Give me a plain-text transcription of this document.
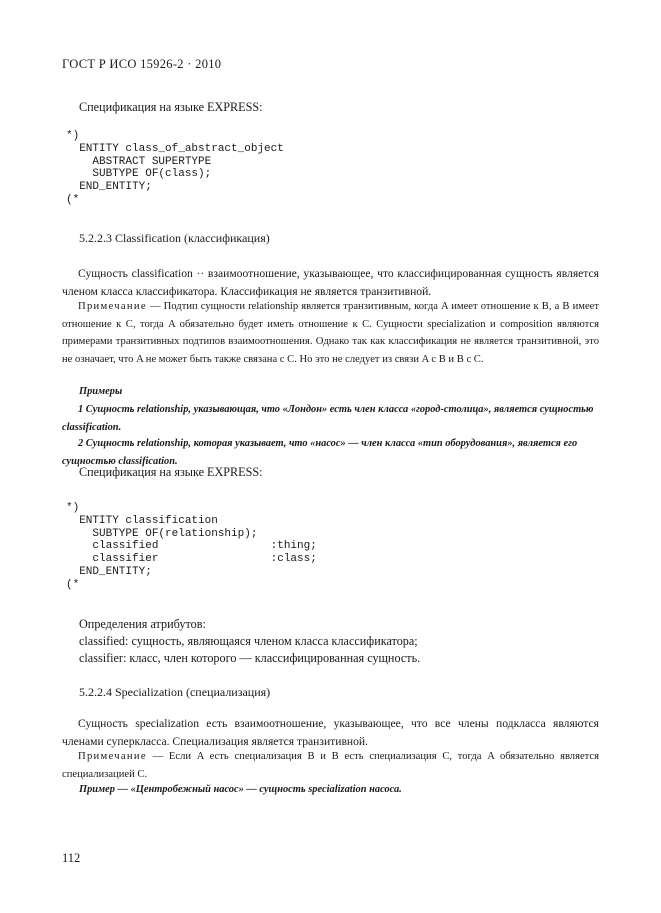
ГОСТ Р ИСО 15926-2 · 2010
Спецификация на языке EXPRESS:
*)
ENTITY class_of_abstract_object
ABSTRACT SUPERTYPE
SUBTYPE OF(class);
END_ENTITY;
(*
5.2.2.3 Classification (классификация)
Сущность classification ·· взаимоотношение, указывающее, что классифицированная сущность является членом класса классификатора. Классификация не является транзитивной.
Примечание — Подтип сущности relationship является транзитивным, когда A имеет отношение к B, а B имеет отношение к C, тогда A обязательно будет иметь отношение к C. Сущности specialization и composition являются примерами транзитивных подтипов взаимоотношения. Однако так как классификация не является транзитивной, это не означает, что A не может быть также связана с C. Но это не следует из связи A с B и B с C.
Примеры
1 Сущность relationship, указывающая, что «Лондон» есть член класса «город-столица», является сущностью classification.
2 Сущность relationship, которая указывает, что «насос» — член класса «тип оборудования», является его сущностью classification.
Спецификация на языке EXPRESS:
*)
ENTITY classification
SUBTYPE OF(relationship);
classified                 :thing;
classifier                 :class;
END_ENTITY;
(*
Определения атрибутов:
classified: сущность, являющаяся членом класса классификатора;
classifier: класс, член которого — классифицированная сущность.
5.2.2.4 Specialization (специализация)
Сущность specialization есть взаимоотношение, указывающее, что все члены подкласса являются членами суперкласса. Специализация является транзитивной.
Примечание — Если A есть специализация B и B есть специализация C, тогда A обязательно является специализацией C.
Пример — «Центробежный насос» — сущность specialization насоса.
112
